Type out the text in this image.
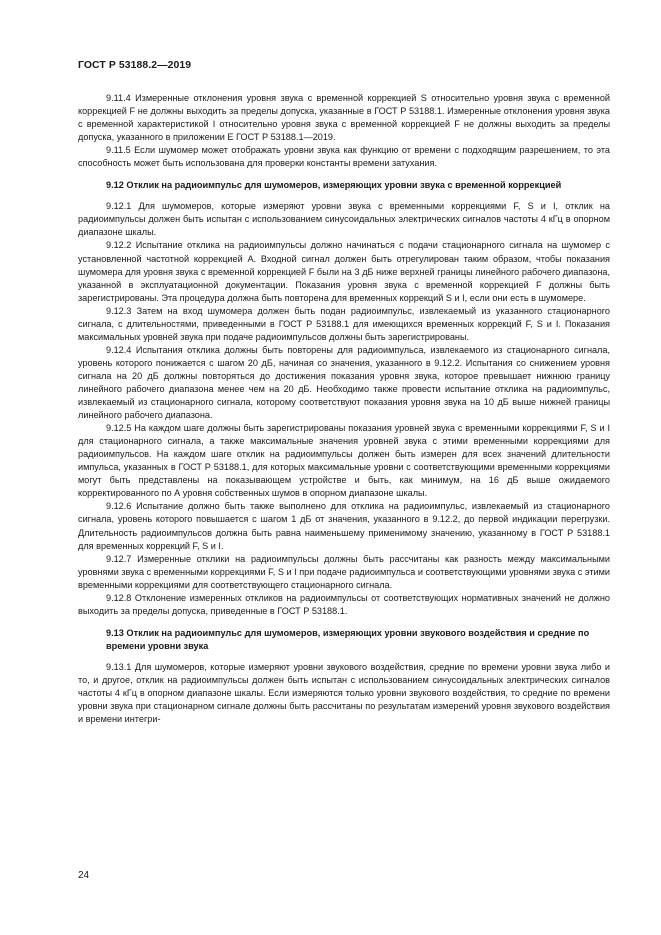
ГОСТ Р 53188.2—2019

9.11.4 Измеренные отклонения уровня звука с временной коррекцией S относительно уровня звука с временной коррекцией F не должны выходить за пределы допуска, указанные в ГОСТ Р 53188.1. Измеренные отклонения уровня звука с временной характеристикой I относительно уровня звука с временной коррекцией F не должны выходить за пределы допуска, указанного в приложении Е ГОСТ Р 53188.1—2019.

9.11.5 Если шумомер может отображать уровни звука как функцию от времени с подходящим разрешением, то эта способность может быть использована для проверки константы времени затухания.

9.12 Отклик на радиоимпульс для шумомеров, измеряющих уровни звука с временной коррекцией

9.12.1 Для шумомеров, которые измеряют уровни звука с временными коррекциями F, S и I, отклик на радиоимпульсы должен быть испытан с использованием синусоидальных электрических сигналов частоты 4 кГц в опорном диапазоне шкалы.

9.12.2 Испытание отклика на радиоимпульсы должно начинаться с подачи стационарного сигнала на шумомер с установленной частотной коррекцией А. Входной сигнал должен быть отрегулирован таким образом, чтобы показания шумомера для уровня звука с временной коррекцией F были на 3 дБ ниже верхней границы линейного рабочего диапазона, указанной в эксплуатационной документации. Показания уровня звука с временной коррекцией F должны быть зарегистрированы. Эта процедура должна быть повторена для временных коррекций S и I, если они есть в шумомере.

9.12.3 Затем на вход шумомера должен быть подан радиоимпульс, извлекаемый из указанного стационарного сигнала, с длительностями, приведенными в ГОСТ Р 53188.1 для имеющихся временных коррекций F, S и I. Показания максимальных уровней звука при подаче радиоимпульсов должны быть зарегистрированы.

9.12.4 Испытания отклика должны быть повторены для радиоимпульса, извлекаемого из стационарного сигнала, уровень которого понижается с шагом 20 дБ, начиная со значения, указанного в 9.12.2. Испытания со снижением уровня сигнала на 20 дБ должны повторяться до достижения показания уровня звука, которое превышает нижнюю границу линейного рабочего диапазона менее чем на 20 дБ. Необходимо также провести испытание отклика на радиоимпульс, извлекаемый из стационарного сигнала, которому соответствуют показания уровня звука на 10 дБ выше нижней границы линейного рабочего диапазона.

9.12.5 На каждом шаге должны быть зарегистрированы показания уровней звука с временными коррекциями F, S и I для стационарного сигнала, а также максимальные значения уровней звука с этими временными коррекциями для радиоимпульсов. На каждом шаге отклик на радиоимпульсы должен быть измерен для всех значений длительности импульса, указанных в ГОСТ Р 53188.1, для которых максимальные уровни с соответствующими временными коррекциями могут быть представлены на показывающем устройстве и быть, как минимум, на 16 дБ выше ожидаемого корректированного по А уровня собственных шумов в опорном диапазоне шкалы.

9.12.6 Испытание должно быть также выполнено для отклика на радиоимпульс, извлекаемый из стационарного сигнала, уровень которого повышается с шагом 1 дБ от значения, указанного в 9.12.2, до первой индикации перегрузки. Длительность радиоимпульсов должна быть равна наименьшему применимому значению, указанному в ГОСТ Р 53188.1 для временных коррекций F, S и I.

9.12.7 Измеренные отклики на радиоимпульсы должны быть рассчитаны как разность между максимальными уровнями звука с временными коррекциями F, S и I при подаче радиоимпульса и соответствующими уровнями звука с этими временными коррекциями для соответствующего стационарного сигнала.

9.12.8 Отклонение измеренных откликов на радиоимпульсы от соответствующих нормативных значений не должно выходить за пределы допуска, приведенные в ГОСТ Р 53188.1.

9.13 Отклик на радиоимпульс для шумомеров, измеряющих уровни звукового воздействия и средние по времени уровни звука

9.13.1 Для шумомеров, которые измеряют уровни звукового воздействия, средние по времени уровни звука либо и то, и другое, отклик на радиоимпульсы должен быть испытан с использованием синусоидальных электрических сигналов частоты 4 кГц в опорном диапазоне шкалы. Если измеряются только уровни звукового воздействия, то средние по времени уровни звука при стационарном сигнале должны быть рассчитаны по результатам измерений уровня звукового воздействия и времени интегри-

24
